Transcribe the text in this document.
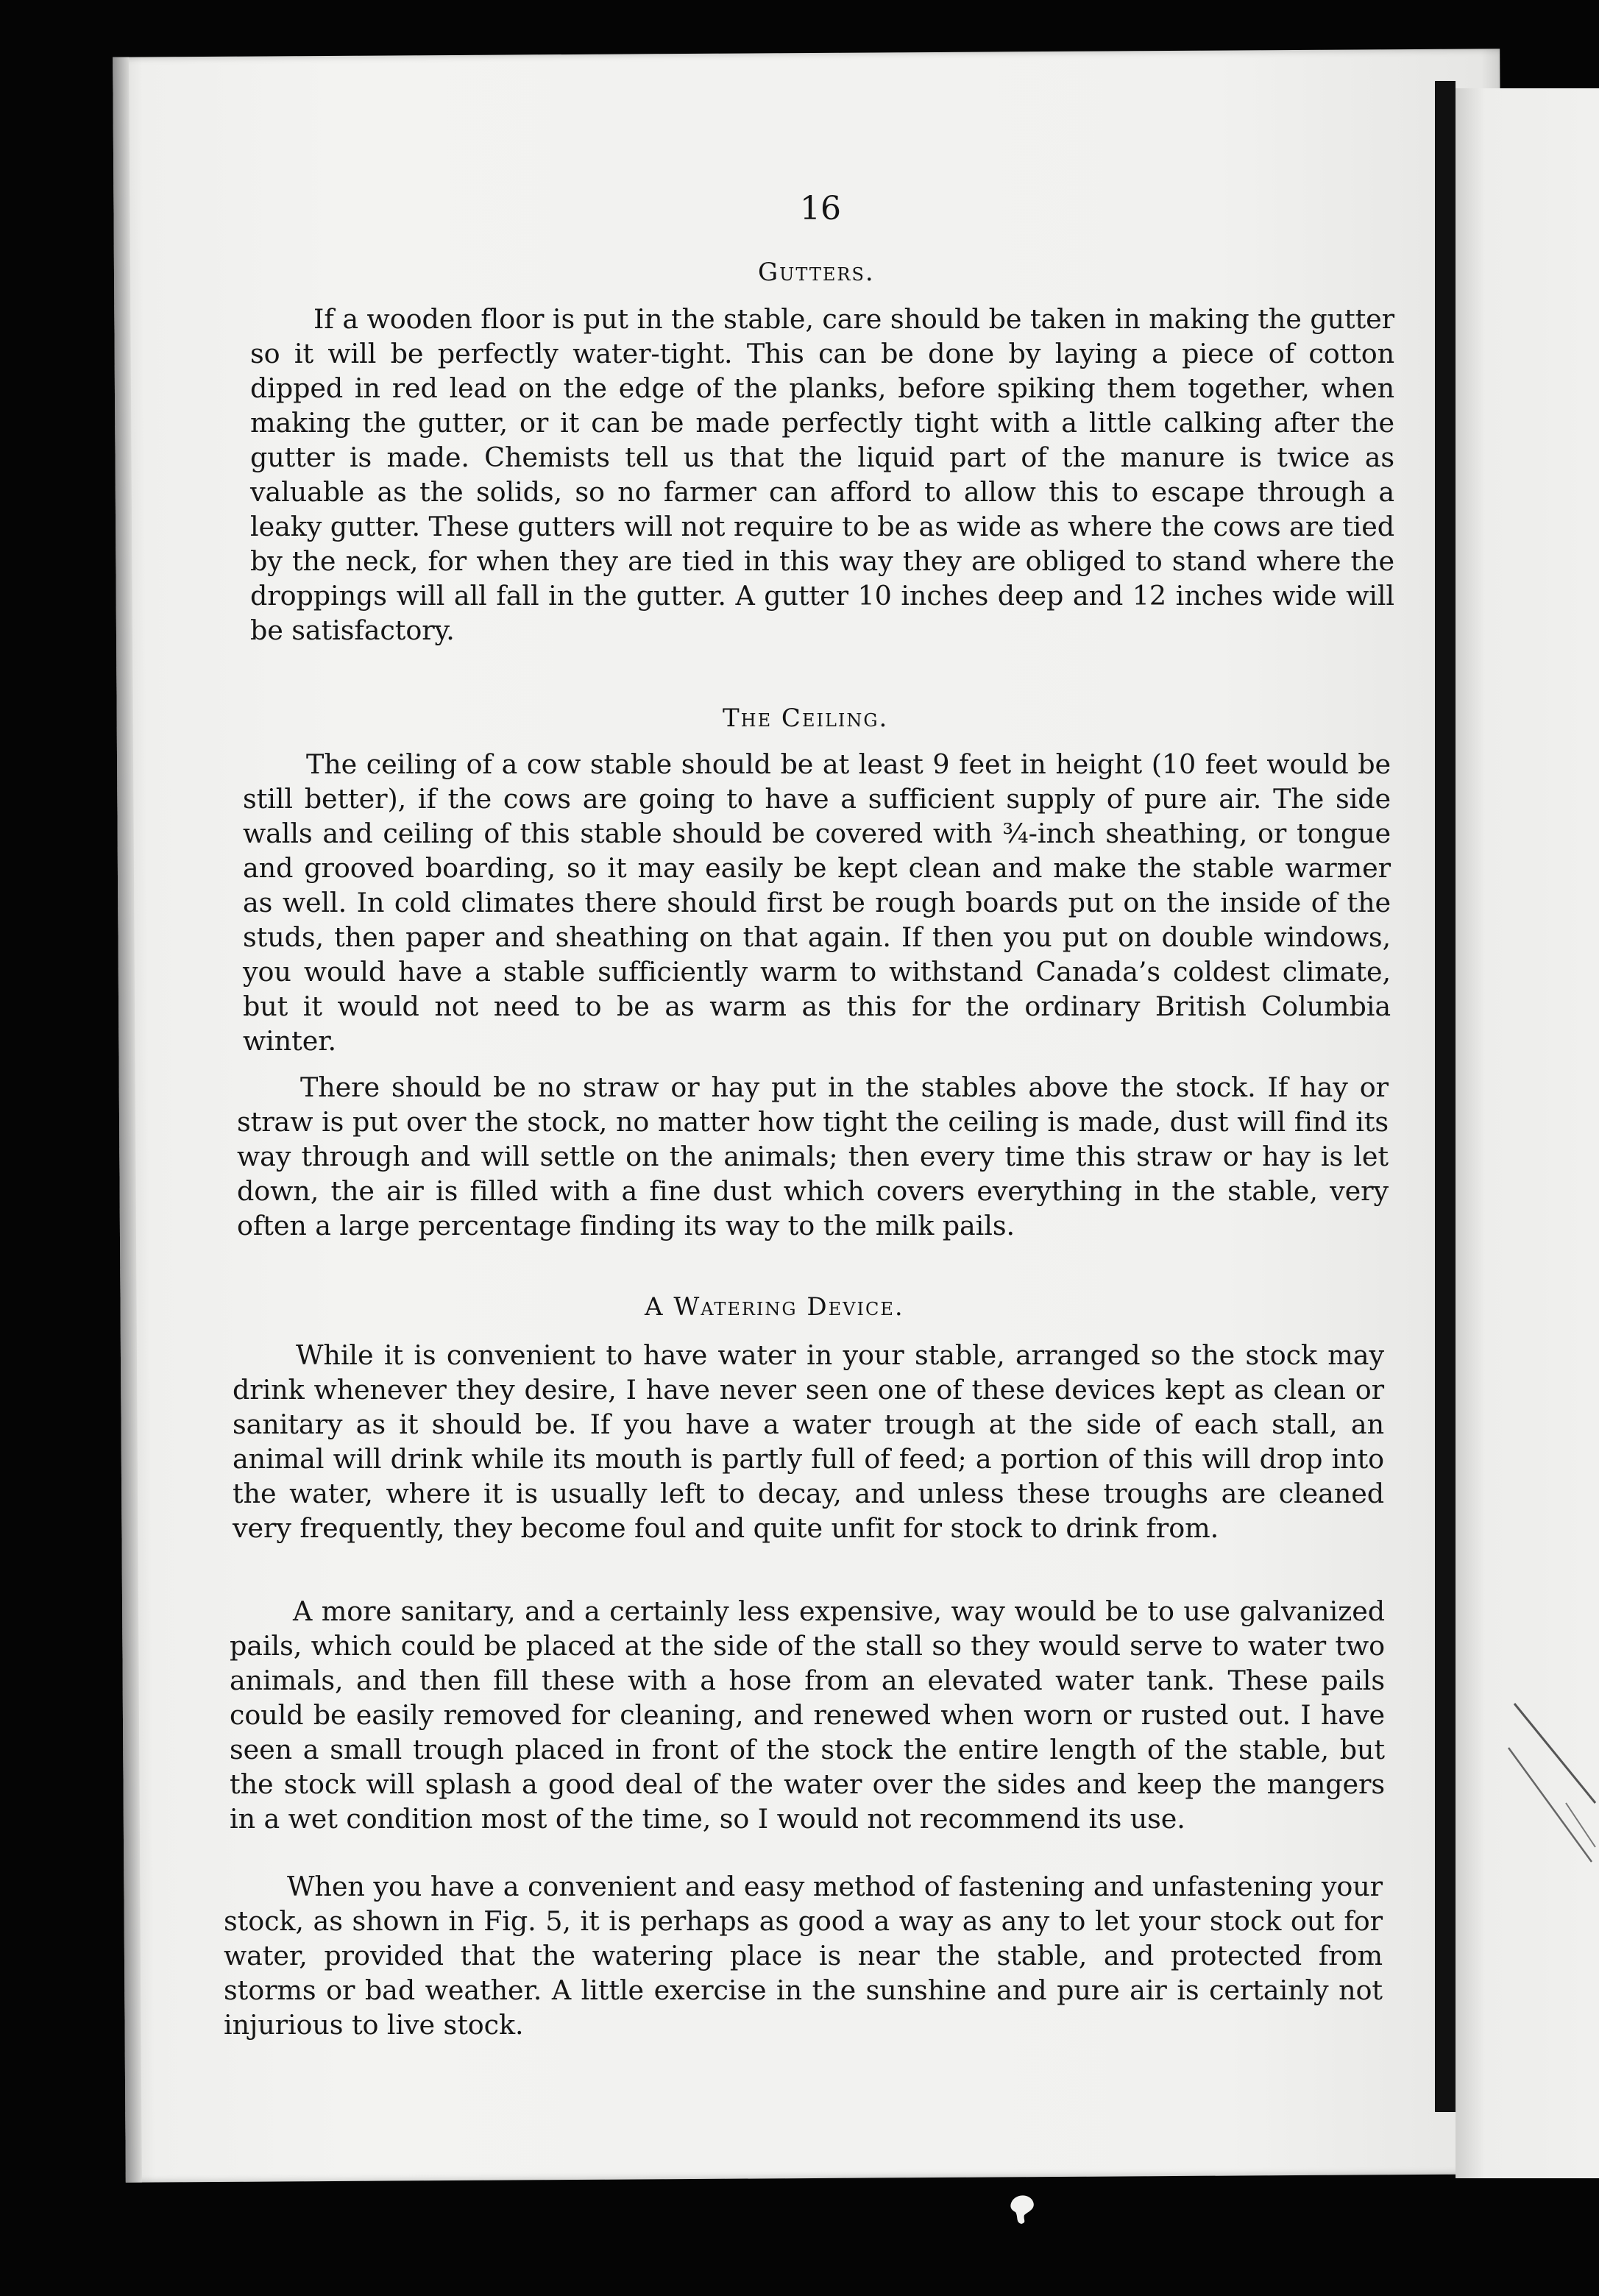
16
Gutters.
If a wooden floor is put in the stable, care should be taken in making the gutter so it will be perfectly water-tight. This can be done by laying a piece of cotton dipped in red lead on the edge of the planks, before spiking them together, when making the gutter, or it can be made perfectly tight with a little calking after the gutter is made. Chemists tell us that the liquid part of the manure is twice as valuable as the solids, so no farmer can afford to allow this to escape through a leaky gutter. These gutters will not require to be as wide as where the cows are tied by the neck, for when they are tied in this way they are obliged to stand where the droppings will all fall in the gutter. A gutter 10 inches deep and 12 inches wide will be satisfactory.
The Ceiling.
The ceiling of a cow stable should be at least 9 feet in height (10 feet would be still better), if the cows are going to have a sufficient supply of pure air. The side walls and ceiling of this stable should be covered with ¾-inch sheathing, or tongue and grooved boarding, so it may easily be kept clean and make the stable warmer as well. In cold climates there should first be rough boards put on the inside of the studs, then paper and sheathing on that again. If then you put on double windows, you would have a stable sufficiently warm to withstand Canada’s coldest climate, but it would not need to be as warm as this for the ordinary British Columbia winter.
There should be no straw or hay put in the stables above the stock. If hay or straw is put over the stock, no matter how tight the ceiling is made, dust will find its way through and will settle on the animals; then every time this straw or hay is let down, the air is filled with a fine dust which covers everything in the stable, very often a large percentage finding its way to the milk pails.
A Watering Device.
While it is convenient to have water in your stable, arranged so the stock may drink whenever they desire, I have never seen one of these devices kept as clean or sanitary as it should be. If you have a water trough at the side of each stall, an animal will drink while its mouth is partly full of feed; a portion of this will drop into the water, where it is usually left to decay, and unless these troughs are cleaned very frequently, they become foul and quite unfit for stock to drink from.
A more sanitary, and a certainly less expensive, way would be to use galvanized pails, which could be placed at the side of the stall so they would serve to water two animals, and then fill these with a hose from an elevated water tank. These pails could be easily removed for cleaning, and renewed when worn or rusted out. I have seen a small trough placed in front of the stock the entire length of the stable, but the stock will splash a good deal of the water over the sides and keep the mangers in a wet condition most of the time, so I would not recommend its use.
When you have a convenient and easy method of fastening and unfastening your stock, as shown in Fig. 5, it is perhaps as good a way as any to let your stock out for water, provided that the watering place is near the stable, and protected from storms or bad weather. A little exercise in the sunshine and pure air is certainly not injurious to live stock.
